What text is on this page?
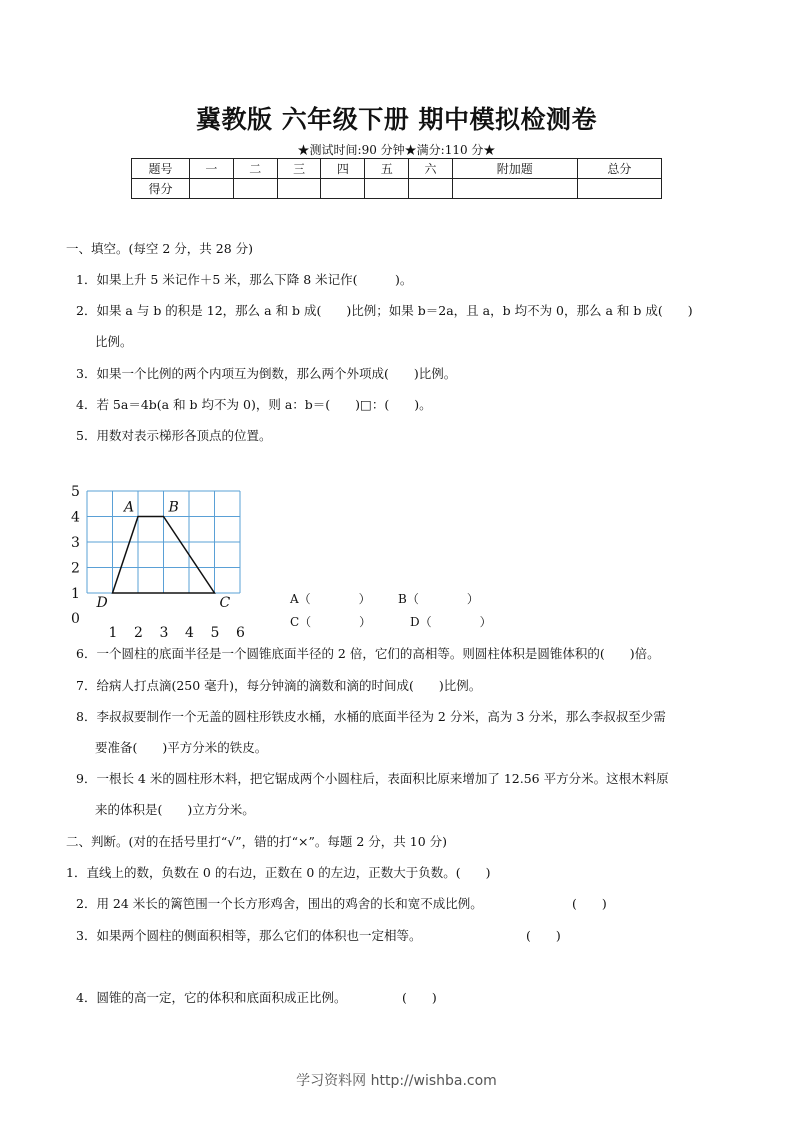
冀教版 六年级下册 期中模拟检测卷
★测试时间:90 分钟★满分:110 分★
题号	一	二	三	四	五	六	附加题	总分
得分								
一、填空。(每空 2 分，共 28 分)
1．如果上升 5 米记作＋5 米，那么下降 8 米记作(　　　)。
2．如果 a 与 b 的积是 12，那么 a 和 b 成(　　)比例；如果 b＝2a，且 a，b 均不为 0，那么 a 和 b 成(　　)
比例。
3．如果一个比例的两个内项互为倒数，那么两个外项成(　　)比例。
4．若 5a＝4b(a 和 b 均不为 0)，则 a：b＝(　　)□：(　　)。
5．用数对表示梯形各顶点的位置。
A B
C
D
1 2 3 4 5 6
5
4
3
2
1
0
A（　　　　） B（　　　　）
C（　　　　）	D（　　　　）
6．一个圆柱的底面半径是一个圆锥底面半径的 2 倍，它们的高相等。则圆柱体积是圆锥体积的(　　)倍。
7．给病人打点滴(250 毫升)，每分钟滴的滴数和滴的时间成(　　)比例。
8．李叔叔要制作一个无盖的圆柱形铁皮水桶，水桶的底面半径为 2 分米，高为 3 分米，那么李叔叔至少需
要准备(　　)平方分米的铁皮。
9．一根长 4 米的圆柱形木料，把它锯成两个小圆柱后，表面积比原来增加了 12.56 平方分米。这根木料原
来的体积是(　　)立方分米。
二、判断。(对的在括号里打“√”，错的打“×”。每题 2 分，共 10 分)
1．直线上的数，负数在 0 的右边，正数在 0 的左边，正数大于负数。(　　)
2．用 24 米长的篱笆围一个长方形鸡舍，围出的鸡舍的长和宽不成比例。	(　　)
3．如果两个圆柱的侧面积相等，那么它们的体积也一定相等。	(　　)
4．圆锥的高一定，它的体积和底面积成正比例。	(　　)
学习资料网 http://wishba.com
